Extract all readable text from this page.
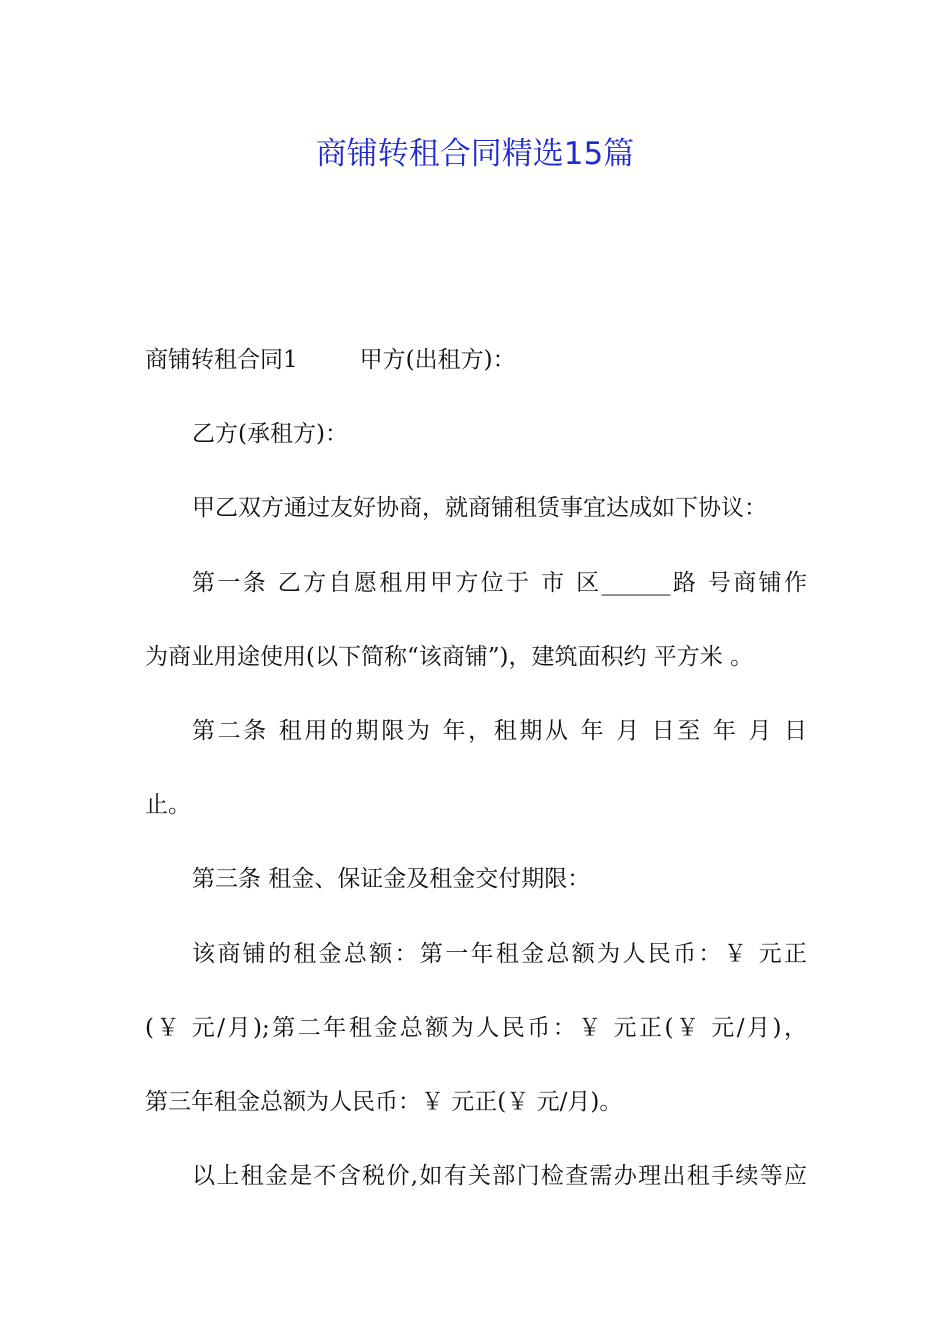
商铺转租合同精选15篇
商铺转租合同1	甲方(出租方)：
乙方(承租方)：
甲乙双方通过友好协商，就商铺租赁事宜达成如下协议：
第一条 乙方自愿租用甲方位于 市 区______路 号商铺作
为商业用途使用(以下简称“该商铺”)，建筑面积约 平方米 。
第二条 租用的期限为 年，租期从 年 月 日至 年 月 日
止。
第三条 租金、保证金及租金交付期限：
该商铺的租金总额：第一年租金总额为人民币：￥ 元正
(￥ 元/月);第二年租金总额为人民币：￥ 元正(￥ 元/月)，
第三年租金总额为人民币：￥ 元正(￥ 元/月)。
以上租金是不含税价,如有关部门检查需办理出租手续等应
